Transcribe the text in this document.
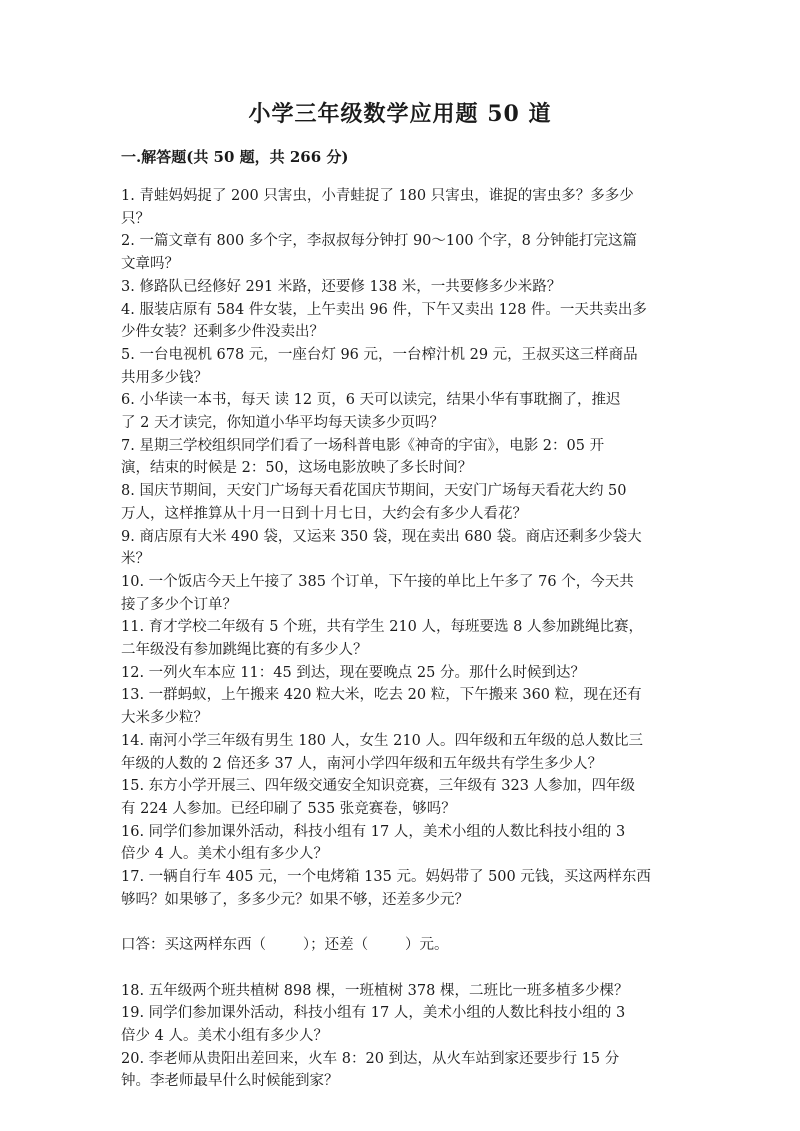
小学三年级数学应用题 50 道
一.解答题(共 50 题，共 266 分)

1. 青蛙妈妈捉了 200 只害虫，小青蛙捉了 180 只害虫，谁捉的害虫多？多多少
只？

2. 一篇文章有 800 多个字，李叔叔每分钟打 90～100 个字，8 分钟能打完这篇
文章吗？

3. 修路队已经修好 291 米路，还要修 138 米，一共要修多少米路？

4. 服装店原有 584 件女装，上午卖出 96 件，下午又卖出 128 件。一天共卖出多
少件女装？还剩多少件没卖出？

5. 一台电视机 678 元，一座台灯 96 元，一台榨汁机 29 元，王叔买这三样商品
共用多少钱？

6. 小华读一本书，每天 读 12 页，6 天可以读完，结果小华有事耽搁了，推迟
了 2 天才读完，你知道小华平均每天读多少页吗？

7. 星期三学校组织同学们看了一场科普电影《神奇的宇宙》，电影 2：05 开
演，结束的时候是 2：50，这场电影放映了多长时间？

8. 国庆节期间，天安门广场每天看花国庆节期间，天安门广场每天看花大约 50
万人，这样推算从十月一日到十月七日，大约会有多少人看花？

9. 商店原有大米 490 袋，又运来 350 袋，现在卖出 680 袋。商店还剩多少袋大
米？

10. 一个饭店今天上午接了 385 个订单，下午接的单比上午多了 76 个，今天共
接了多少个订单？

11. 育才学校二年级有 5 个班，共有学生 210 人，每班要选 8 人参加跳绳比赛，
二年级没有参加跳绳比赛的有多少人？

12. 一列火车本应 11：45 到达，现在要晚点 25 分。那什么时候到达？

13. 一群蚂蚁，上午搬来 420 粒大米，吃去 20 粒，下午搬来 360 粒，现在还有
大米多少粒？

14. 南河小学三年级有男生 180 人，女生 210 人。四年级和五年级的总人数比三
年级的人数的 2 倍还多 37 人，南河小学四年级和五年级共有学生多少人？

15. 东方小学开展三、四年级交通安全知识竞赛，三年级有 323 人参加，四年级
有 224 人参加。已经印刷了 535 张竞赛卷，够吗？

16. 同学们参加课外活动，科技小组有 17 人，美术小组的人数比科技小组的 3
倍少 4 人。美术小组有多少人？

17. 一辆自行车 405 元，一个电烤箱 135 元。妈妈带了 500 元钱，买这两样东西
够吗？如果够了，多多少元？如果不够，还差多少元？

口答：买这两样东西（        ）；还差（        ）元。

18. 五年级两个班共植树 898 棵，一班植树 378 棵，二班比一班多植多少棵？

19. 同学们参加课外活动，科技小组有 17 人，美术小组的人数比科技小组的 3
倍少 4 人。美术小组有多少人？

20. 李老师从贵阳出差回来，火车 8：20 到达，从火车站到家还要步行 15 分
钟。李老师最早什么时候能到家？
